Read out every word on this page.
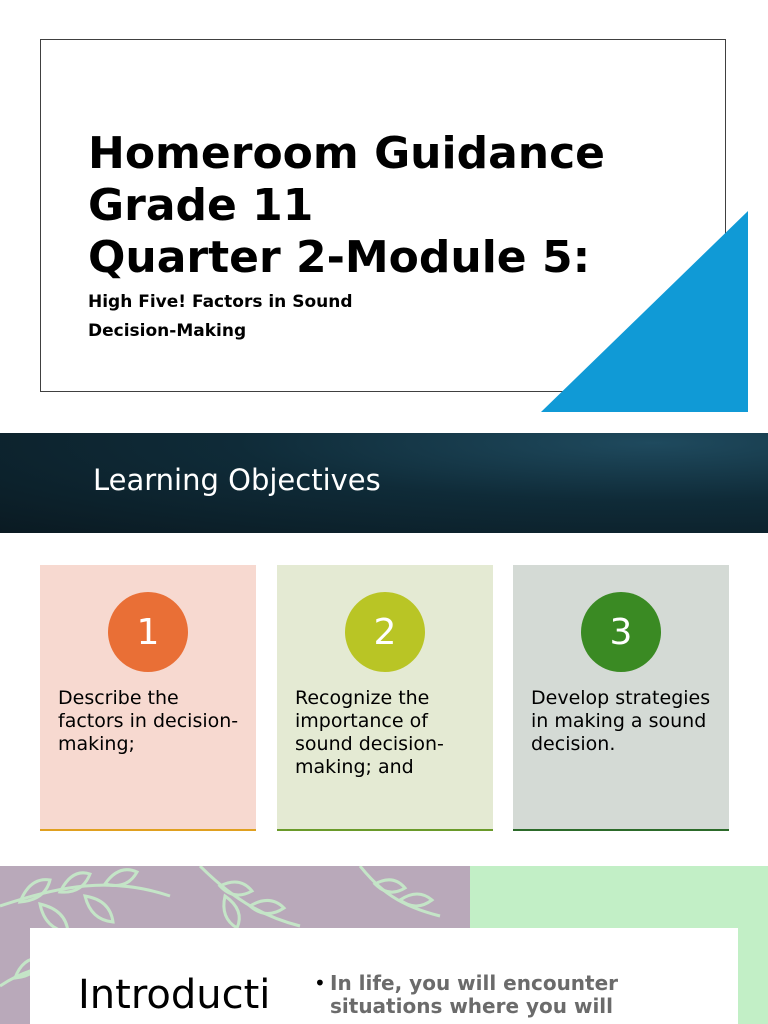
Homeroom Guidance
Grade 11
Quarter 2-Module 5:

High Five! Factors in Sound
Decision-Making

Learning Objectives
1

Describe the factors in decision-making;

2

Recognize the importance of sound decision-making; and

3

Develop strategies in making a sound decision.

Introducti • In life, you will encounter situations where you will
